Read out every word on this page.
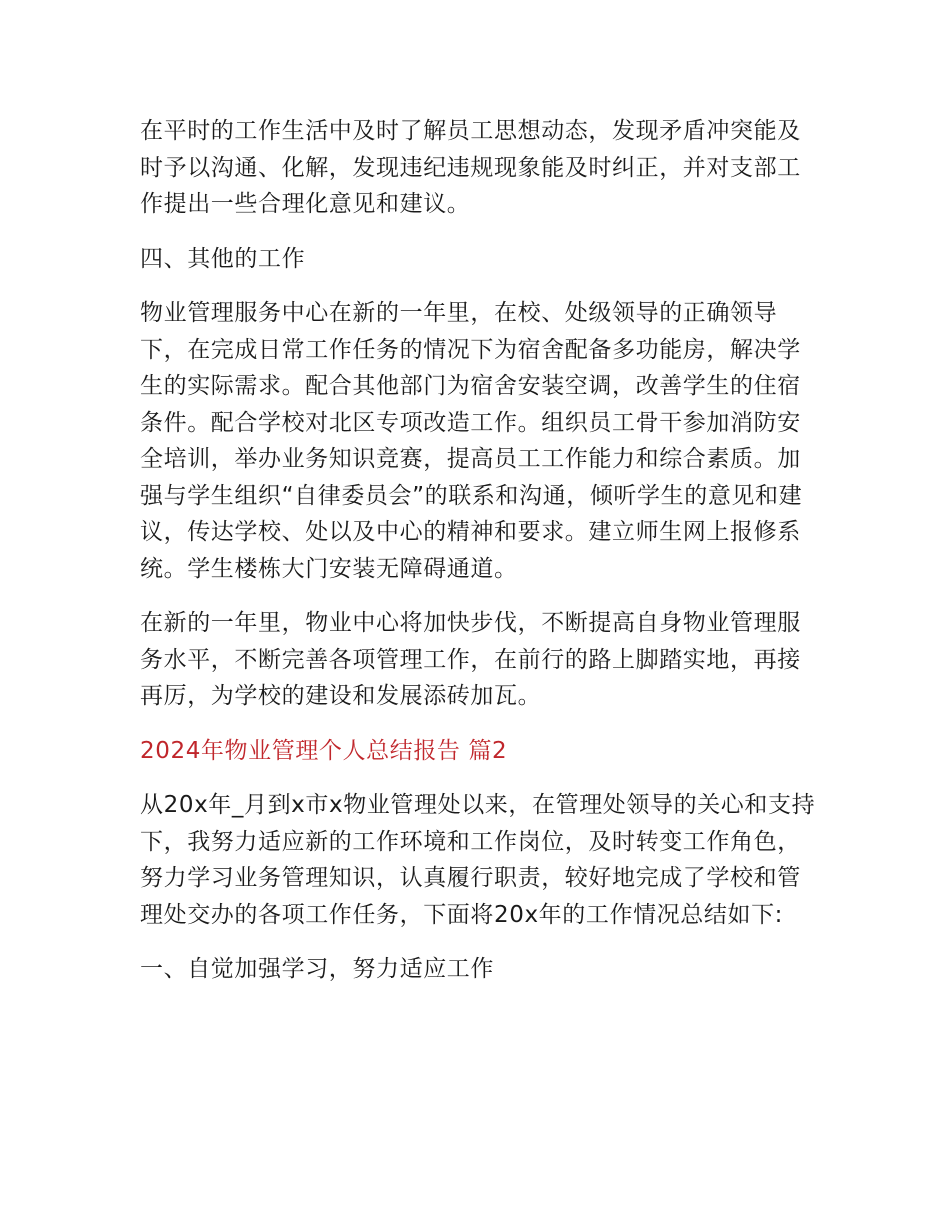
在平时的工作生活中及时了解员工思想动态，发现矛盾冲突能及时予以沟通、化解，发现违纪违规现象能及时纠正，并对支部工作提出一些合理化意见和建议。

四、其他的工作

物业管理服务中心在新的一年里，在校、处级领导的正确领导下，在完成日常工作任务的情况下为宿舍配备多功能房，解决学生的实际需求。配合其他部门为宿舍安装空调，改善学生的住宿条件。配合学校对北区专项改造工作。组织员工骨干参加消防安全培训，举办业务知识竞赛，提高员工工作能力和综合素质。加强与学生组织“自律委员会”的联系和沟通，倾听学生的意见和建议，传达学校、处以及中心的精神和要求。建立师生网上报修系统。学生楼栋大门安装无障碍通道。

在新的一年里，物业中心将加快步伐，不断提高自身物业管理服务水平，不断完善各项管理工作，在前行的路上脚踏实地，再接再厉，为学校的建设和发展添砖加瓦。

2024年物业管理个人总结报告 篇2

从20x年_月到x市x物业管理处以来，在管理处领导的关心和支持下，我努力适应新的工作环境和工作岗位，及时转变工作角色，努力学习业务管理知识，认真履行职责，较好地完成了学校和管理处交办的各项工作任务，下面将20x年的工作情况总结如下:

一、自觉加强学习，努力适应工作
